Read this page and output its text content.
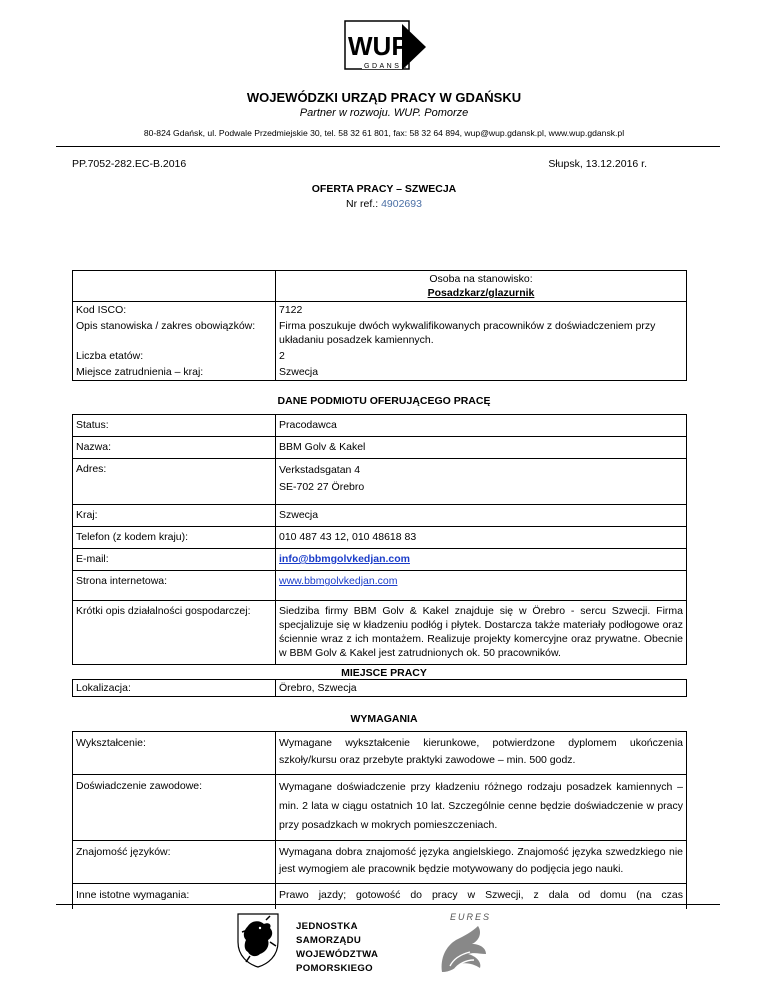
WUP
GDANSK
WOJEWÓDZKI URZĄD PRACY W GDAŃSKU
Partner w rozwoju. WUP. Pomorze
80-824 Gdańsk, ul. Podwale Przedmiejskie 30, tel. 58 32 61 801, fax: 58 32 64 894, wup@wup.gdansk.pl, www.wup.gdansk.pl
PP.7052-282.EC-B.2016	Słupsk, 13.12.2016 r.
OFERTA PRACY – SZWECJA
Nr ref.: 4902693

	Osoba na stanowisko:
Posadzkarz/glazurnik

Kod ISCO:	7122
Opis stanowiska / zakres obowiązków:	Firma poszukuje dwóch wykwalifikowanych pracowników z doświadczeniem przy układaniu posadzek kamiennych.
Liczba etatów:	2
Miejsce zatrudnienia – kraj:	Szwecja
DANE PODMIOTU OFERUJĄCEGO PRACĘ
Status:	Pracodawca
Nazwa:	BBM Golv & Kakel
Adres:	Verkstadsgatan 4
SE-702 27 Örebro

Kraj:	Szwecja
Telefon (z kodem kraju):	010 487 43 12, 010 48618 83
E-mail:	info@bbmgolvkedjan.com
Strona internetowa:	www.bbmgolvkedjan.com
Krótki opis działalności gospodarczej:	Siedziba firmy BBM Golv & Kakel znajduje się w Örebro - sercu Szwecji. Firma specjalizuje się w kładzeniu podłóg i płytek. Dostarcza także materiały podłogowe oraz ściennie wraz z ich montażem. Realizuje projekty komercyjne oraz prywatne. Obecnie w BBM Golv & Kakel jest zatrudnionych ok. 50 pracowników.
MIEJSCE PRACY
Lokalizacja:	Örebro, Szwecja
WYMAGANIA
Wykształcenie:	Wymagane wykształcenie kierunkowe, potwierdzone dyplomem ukończenia szkoły/kursu oraz przebyte praktyki zawodowe – min. 500 godz.
Doświadczenie zawodowe:	Wymagane doświadczenie przy kładzeniu różnego rodzaju posadzek kamiennych – min. 2 lata w ciągu ostatnich 10 lat. Szczególnie cenne będzie doświadczenie w pracy przy posadzkach w mokrych pomieszczeniach.
Znajomość języków:	Wymagana dobra znajomość języka angielskiego. Znajomość języka szwedzkiego nie jest wymogiem ale pracownik będzie motywowany do podjęcia jego nauki.
Inne istotne wymagania:	Prawo jazdy; gotowość do pracy w Szwecji, z dala od domu (na czas
JEDNOSTKA
SAMORZĄDU
WOJEWÓDZTWA
POMORSKIEGO
EURES
